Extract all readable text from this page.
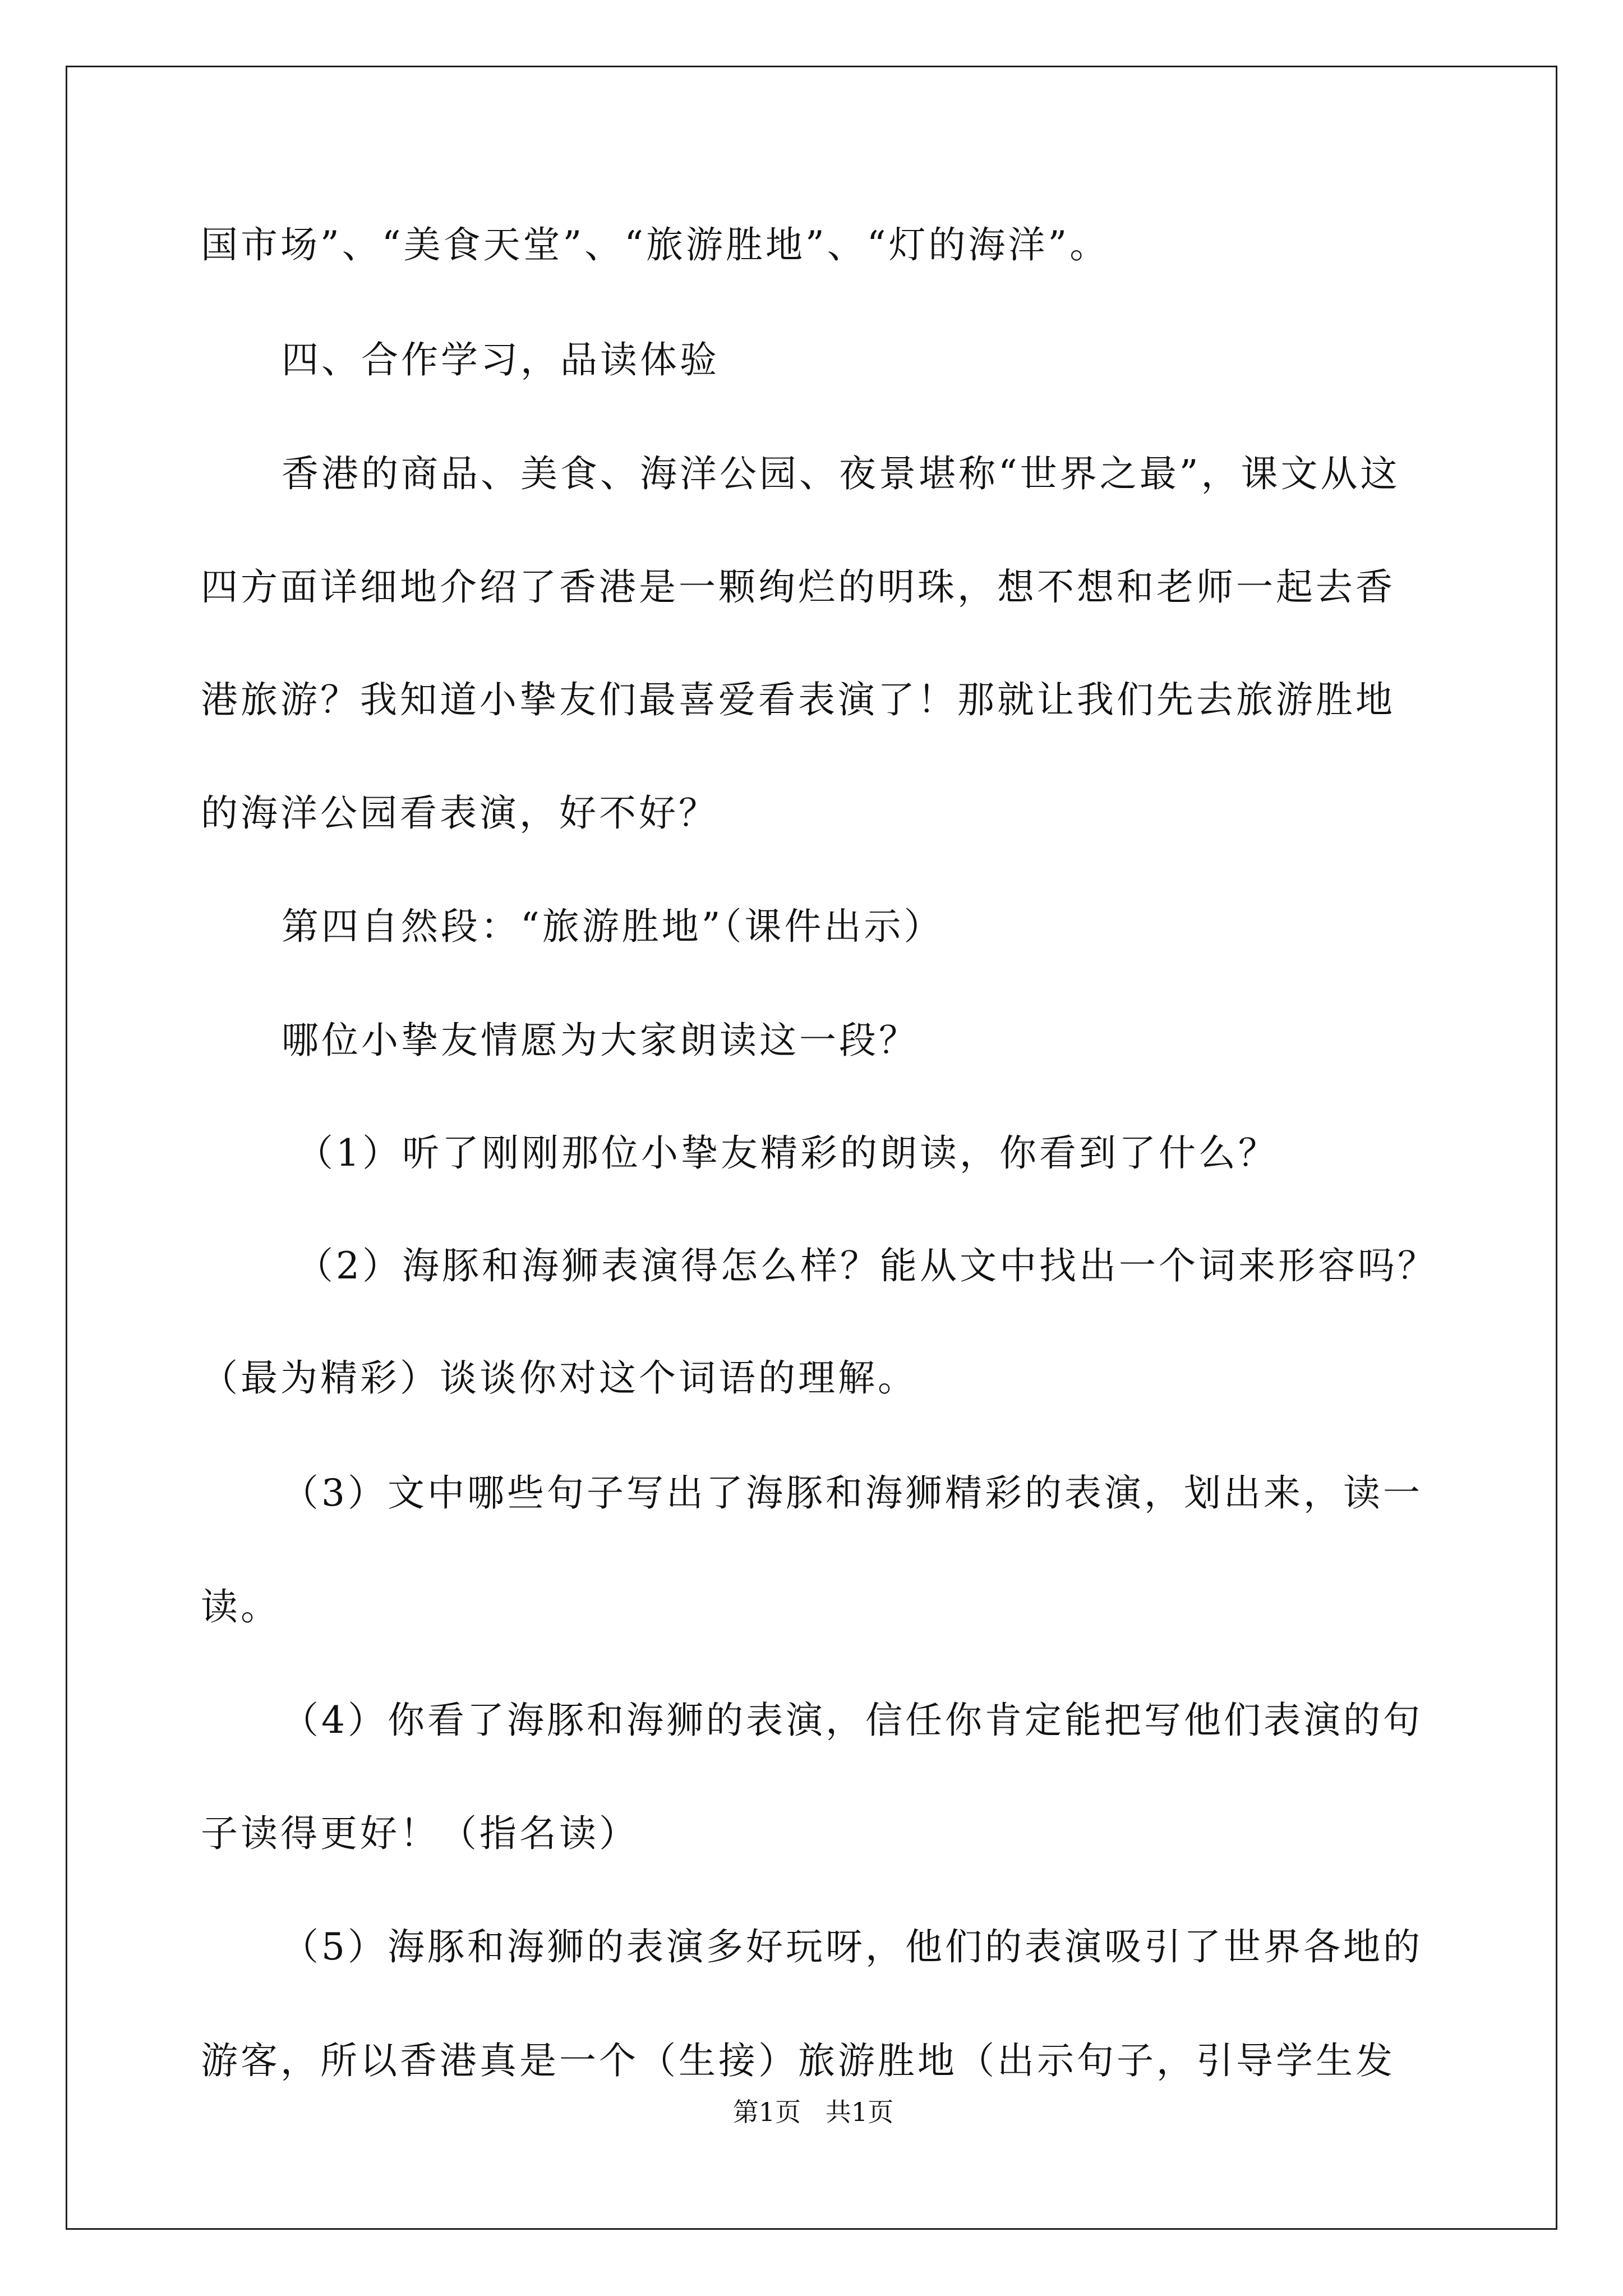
国市场”、“美食天堂”、“旅游胜地”、“灯的海洋”。
四、合作学习，品读体验
香港的商品、美食、海洋公园、夜景堪称“世界之最”，课文从这
四方面详细地介绍了香港是一颗绚烂的明珠，想不想和老师一起去香
港旅游？我知道小挚友们最喜爱看表演了！那就让我们先去旅游胜地
的海洋公园看表演，好不好？
第四自然段：“旅游胜地”（课件出示）
哪位小挚友情愿为大家朗读这一段？
（1）听了刚刚那位小挚友精彩的朗读，你看到了什么？
（2）海豚和海狮表演得怎么样？能从文中找出一个词来形容吗？
（最为精彩）谈谈你对这个词语的理解。
（3）文中哪些句子写出了海豚和海狮精彩的表演，划出来，读一
读。
（4）你看了海豚和海狮的表演，信任你肯定能把写他们表演的句
子读得更好！（指名读）
（5）海豚和海狮的表演多好玩呀，他们的表演吸引了世界各地的
游客，所以香港真是一个（生接）旅游胜地（出示句子，引导学生发
第1页   共1页
